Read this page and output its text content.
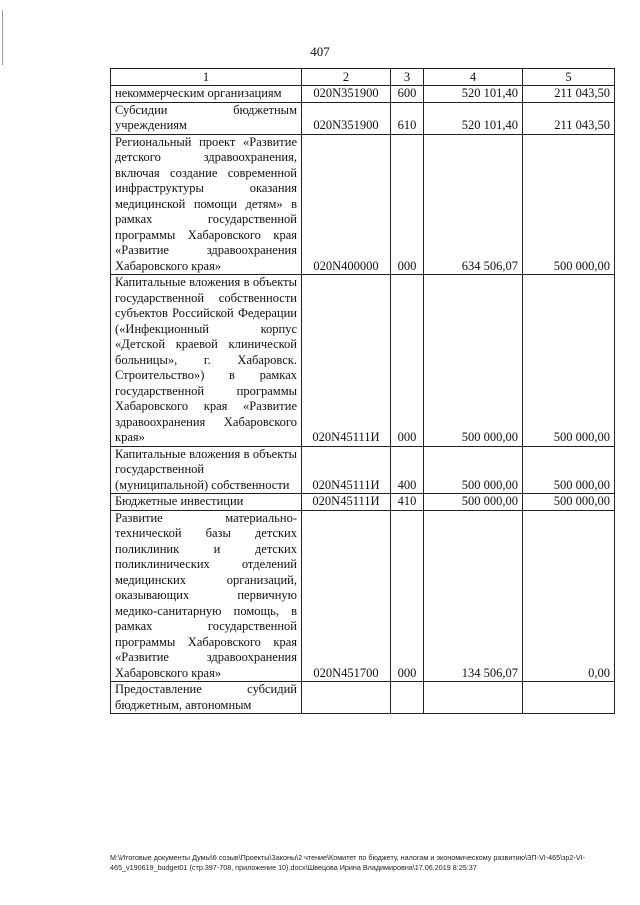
407
1	2	3	4	5
некоммерческим организациям	020N351900	600	520 101,40	211 043,50
Субсидии бюджетным учреждениям	020N351900	610	520 101,40	211 043,50
Региональный проект «Развитие детского здравоохранения, включая создание современной инфраструктуры оказания медицинской помощи детям» в рамках государственной программы Хабаровского края «Развитие здравоохранения Хабаровского края»	020N400000	000	634 506,07	500 000,00
Капитальные вложения в объекты государственной собственности субъектов Российской Федерации («Инфекционный корпус «Детской краевой клинической больницы», г. Хабаровск. Строительство») в рамках государственной программы Хабаровского края «Развитие здравоохранения Хабаровского края»	020N45111И	000	500 000,00	500 000,00
Капитальные вложения в объекты государственной (муниципальной) собственности	020N45111И	400	500 000,00	500 000,00
Бюджетные инвестиции	020N45111И	410	500 000,00	500 000,00
Развитие материально-технической базы детских поликлиник и детских поликлинических отделений медицинских организаций, оказывающих первичную медико-санитарную помощь, в рамках государственной программы Хабаровского края «Развитие здравоохранения Хабаровского края»	020N451700	000	134 506,07	0,00
Предоставление субсидий бюджетным, автономным				
M:\Итоговые документы Думы\6 созыв\Проекты\Законы\2 чтение\Комитет по бюджету, налогам и экономическому развитию\ЗП-VI-465\зр2-VI-465_v190619_budget01 (стр.397-708, приложение 10).docx\Швецова Ирина Владимировна\17.06.2019 8:25:37
